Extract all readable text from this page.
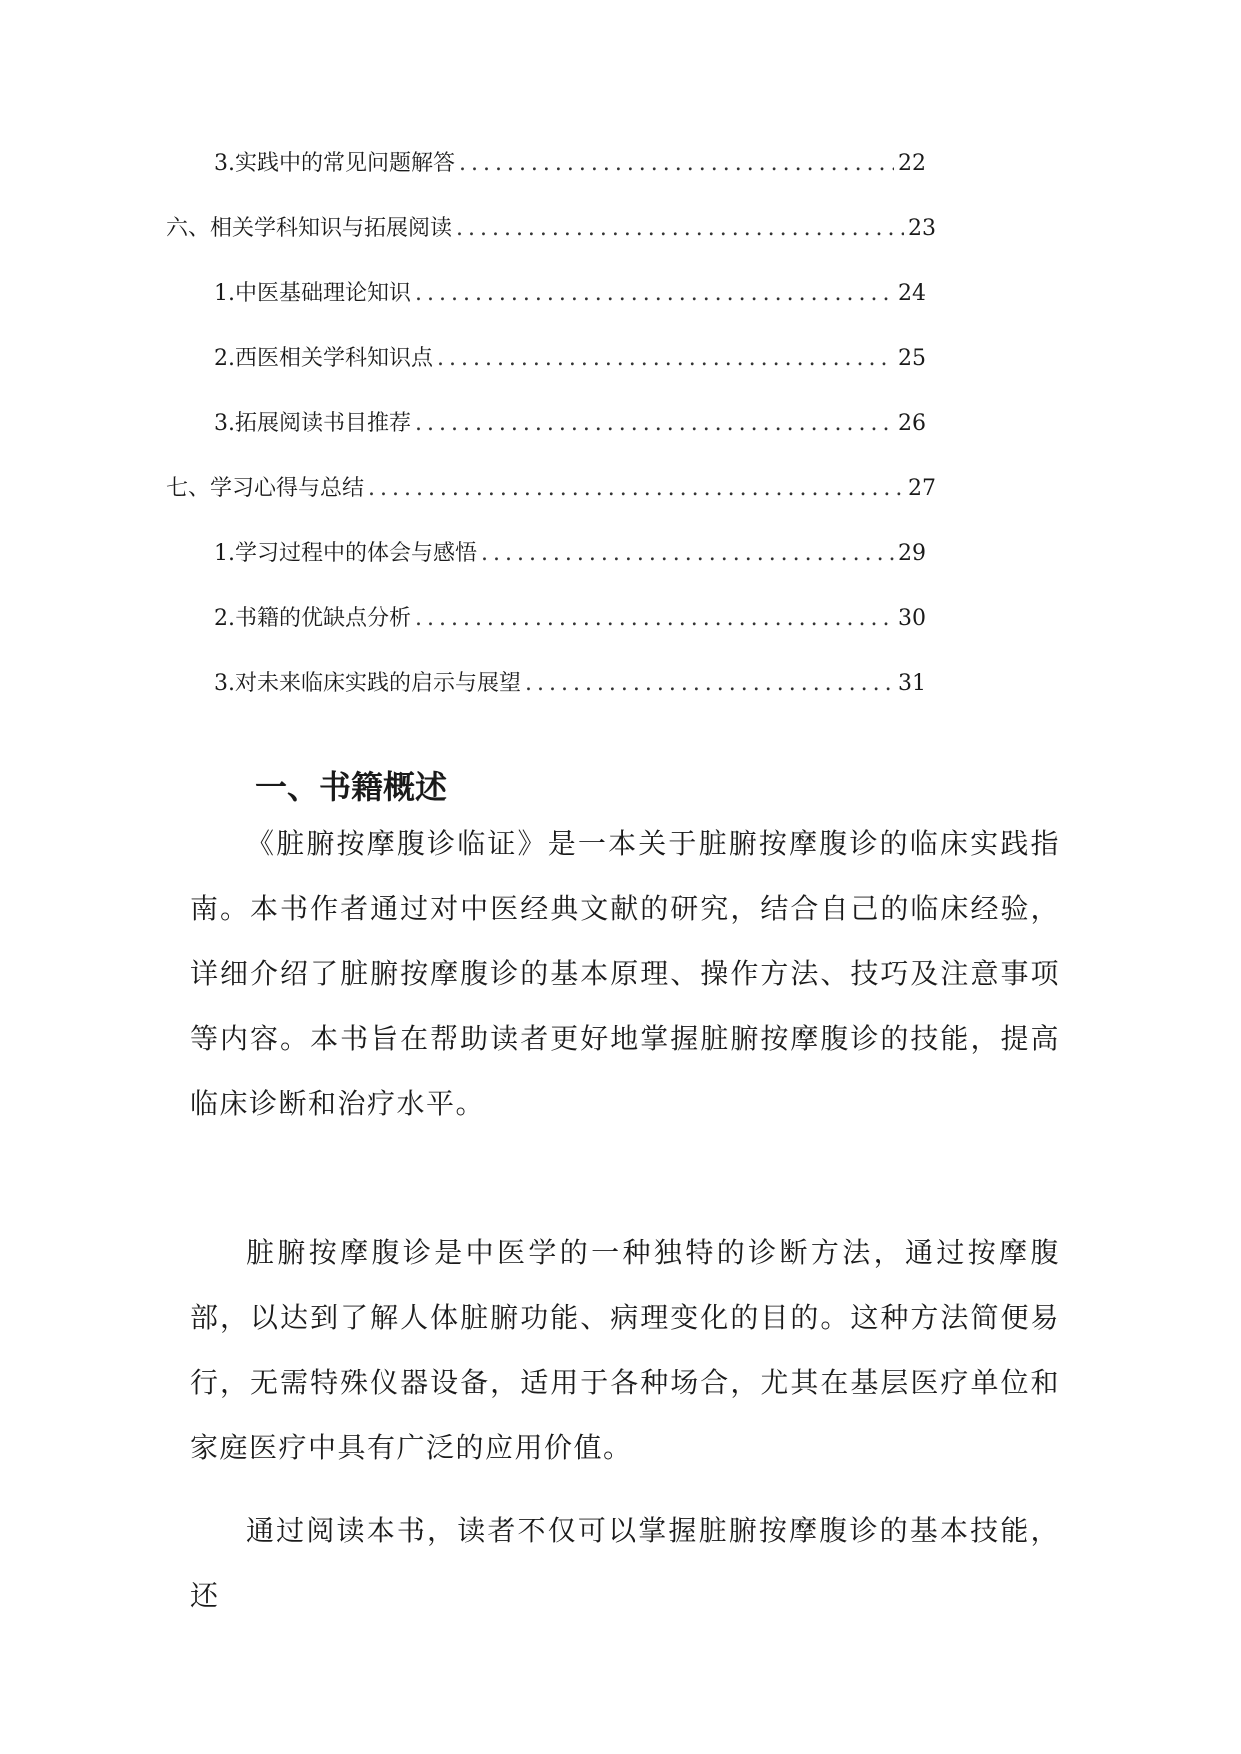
3. 实践中的常见问题解答 . . .	22
六、相关学科知识与拓展阅读 . . .	23
1. 中医基础理论知识 . . .	24
2. 西医相关学科知识点 . . .	25
3. 拓展阅读书目推荐 . . .	26
七、学习心得与总结 . . .	27
1. 学习过程中的体会与感悟 . . .	29
2. 书籍的优缺点分析 . . .	30
3. 对未来临床实践的启示与展望 . . .	31
一、书籍概述

《脏腑按摩腹诊临证》是一本关于脏腑按摩腹诊的临床实践指南。本书作者通过对中医经典文献的研究，结合自己的临床经验，详细介绍了脏腑按摩腹诊的基本原理、操作方法、技巧及注意事项等内容。本书旨在帮助读者更好地掌握脏腑按摩腹诊的技能，提高临床诊断和治疗水平。

脏腑按摩腹诊是中医学的一种独特的诊断方法，通过按摩腹部，以达到了解人体脏腑功能、病理变化的目的。这种方法简便易行，无需特殊仪器设备，适用于各种场合，尤其在基层医疗单位和家庭医疗中具有广泛的应用价值。

通过阅读本书，读者不仅可以掌握脏腑按摩腹诊的基本技能，还
